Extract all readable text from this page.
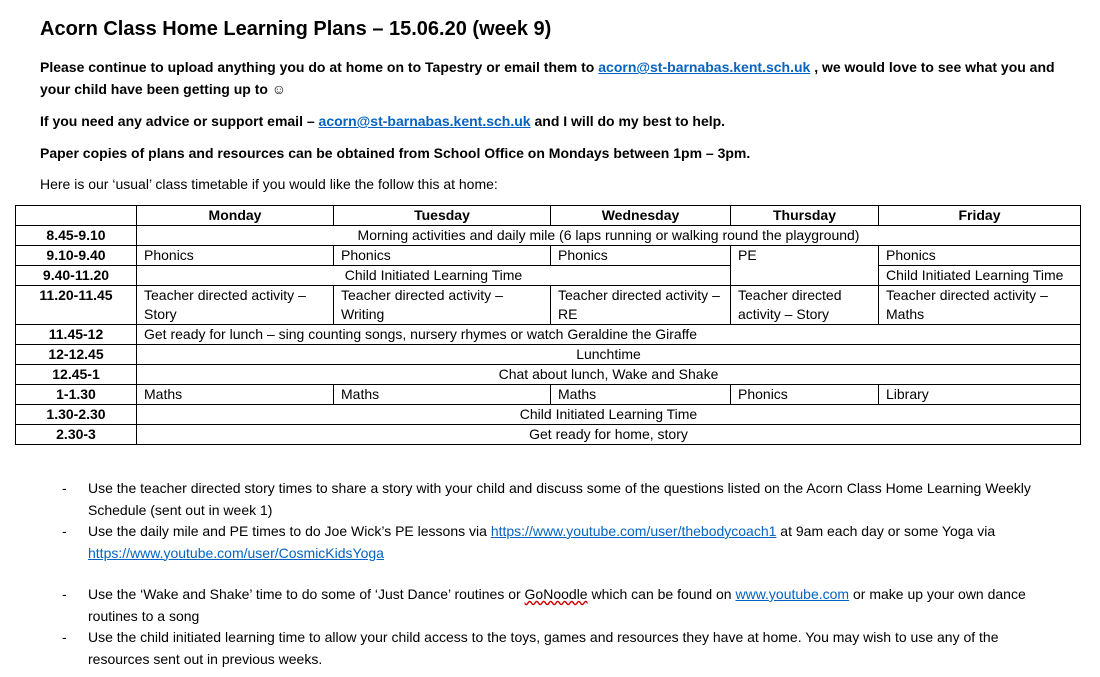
Acorn Class Home Learning Plans – 15.06.20 (week 9)

Please continue to upload anything you do at home on to Tapestry or email them to acorn@st-barnabas.kent.sch.uk , we would love to see what you and your child have been getting up to ☺

If you need any advice or support email – acorn@st-barnabas.kent.sch.uk and I will do my best to help.

Paper copies of plans and resources can be obtained from School Office on Mondays between 1pm – 3pm.

Here is our ‘usual’ class timetable if you would like the follow this at home:

	Monday	Tuesday	Wednesday	Thursday	Friday
8.45-9.10	Morning activities and daily mile (6 laps running or walking round the playground)				
9.10-9.40	Phonics	Phonics	Phonics	PE	Phonics
9.40-11.20	Child Initiated Learning Time				Child Initiated Learning Time
11.20-11.45	Teacher directed activity – Story	Teacher directed activity – Writing	Teacher directed activity – RE	Teacher directed activity – Story	Teacher directed activity – Maths
11.45-12	Get ready for lunch – sing counting songs, nursery rhymes or watch Geraldine the Giraffe				
12-12.45	Lunchtime				
12.45-1	Chat about lunch, Wake and Shake				
1-1.30	Maths	Maths	Maths	Phonics	Library
1.30-2.30	Child Initiated Learning Time				
2.30-3	Get ready for home, story				
- Use the teacher directed story times to share a story with your child and discuss some of the questions listed on the Acorn Class Home Learning Weekly Schedule (sent out in week 1)
- Use the daily mile and PE times to do Joe Wick’s PE lessons via https://www.youtube.com/user/thebodycoach1 at 9am each day or some Yoga via https://www.youtube.com/user/CosmicKidsYoga
- Use the ‘Wake and Shake’ time to do some of ‘Just Dance’ routines or GoNoodle which can be found on www.youtube.com or make up your own dance routines to a song
- Use the child initiated learning time to allow your child access to the toys, games and resources they have at home. You may wish to use any of the resources sent out in previous weeks.
